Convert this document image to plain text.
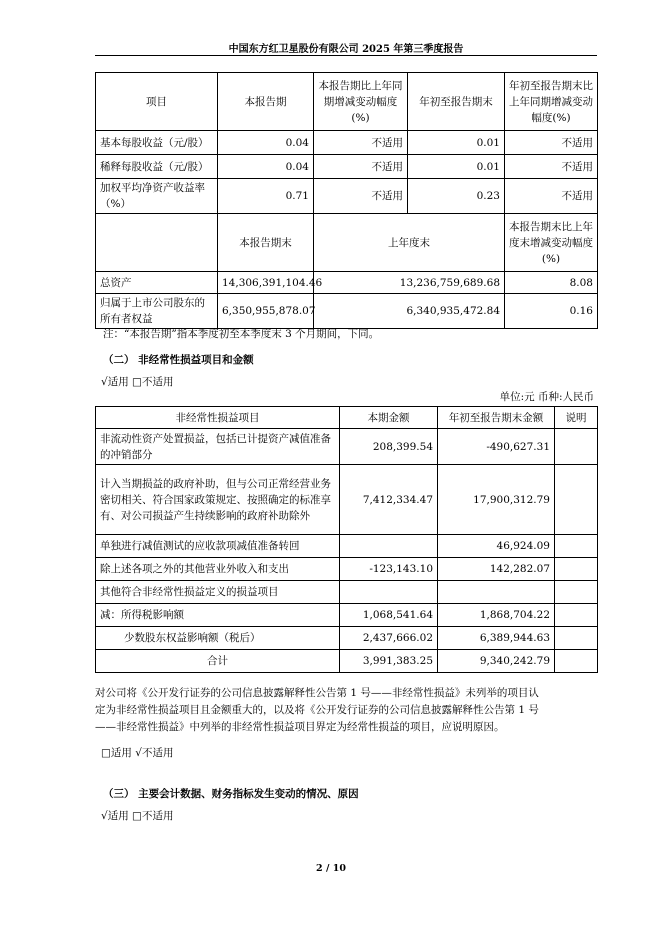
中国东方红卫星股份有限公司 2025 年第三季度报告
项目	本报告期	本报告期比上年同期增减变动幅度(%)	年初至报告期末	年初至报告期末比上年同期增减变动幅度(%)
基本每股收益（元/股）	0.04	不适用	0.01	不适用
稀释每股收益（元/股）	0.04	不适用	0.01	不适用
加权平均净资产收益率（%）	0.71	不适用	0.23	不适用
	本报告期末	上年度末		本报告期末比上年度末增减变动幅度(%)
总资产	14,306,391,104.46	13,236,759,689.68		8.08
归属于上市公司股东的所有者权益	6,350,955,878.07	6,340,935,472.84		0.16
注：“本报告期”指本季度初至本季度末 3 个月期间，下同。
（二） 非经常性损益项目和金额
√适用 □不适用
单位:元 币种:人民币
非经常性损益项目	本期金额	年初至报告期末金额	说明
非流动性资产处置损益，包括已计提资产减值准备的冲销部分	208,399.54	-490,627.31	
计入当期损益的政府补助，但与公司正常经营业务密切相关、符合国家政策规定、按照确定的标准享有、对公司损益产生持续影响的政府补助除外	7,412,334.47	17,900,312.79	
单独进行减值测试的应收款项减值准备转回		46,924.09	
除上述各项之外的其他营业外收入和支出	-123,143.10	142,282.07	
其他符合非经常性损益定义的损益项目			
减：所得税影响额	1,068,541.64	1,868,704.22	
少数股东权益影响额（税后）	2,437,666.02	6,389,944.63	
合计	3,991,383.25	9,340,242.79	

对公司将《公开发行证券的公司信息披露解释性公告第 1 号——非经常性损益》未列举的项目认

定为非经常性损益项目且金额重大的，以及将《公开发行证券的公司信息披露解释性公告第 1 号

——非经常性损益》中列举的非经常性损益项目界定为经常性损益的项目，应说明原因。

□适用 √不适用
（三） 主要会计数据、财务指标发生变动的情况、原因
√适用 □不适用
2 / 10
